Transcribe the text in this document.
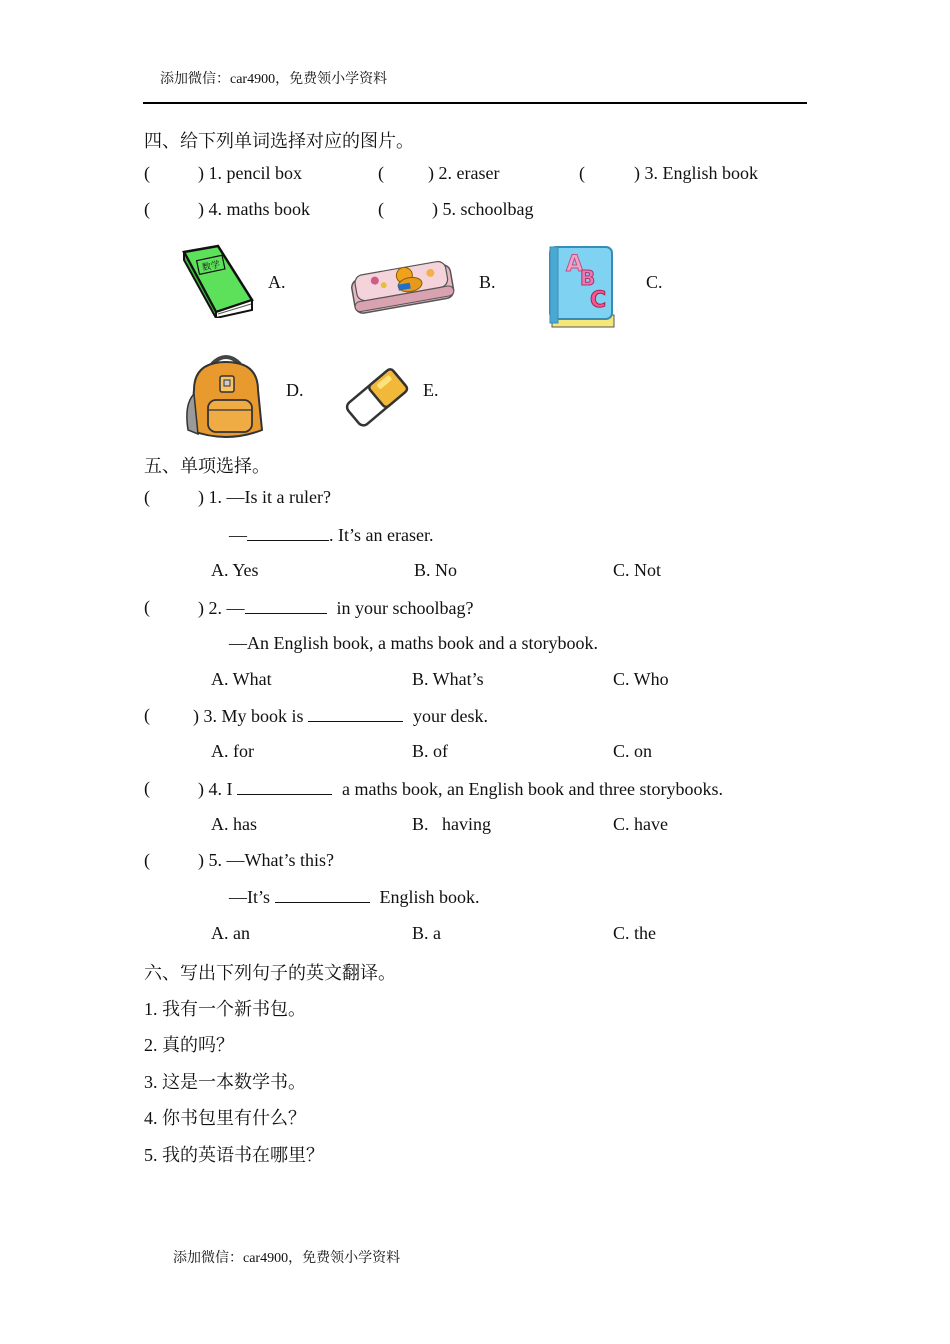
添加微信：car4900，免费领小学资料
四、给下列单词选择对应的图片。
(	) 1. pencil box	( ) 2. eraser	(	) 3. English book
(	) 4. maths book	(	) 5. schoolbag
数学
A.	B.
A
B
C
C.
D.	E.
五、单项选择。
(	) 1. —Is it a ruler?
—	. It’s an eraser.
A. Yes	B. No	C. Not
(	) 2. —	in your schoolbag?
—An English book, a maths book and a storybook.
A. What	B. What’s	C. Who
( ) 3. My book is	your desk.
A. for	B. of	C. on
(	) 4. I	a maths book, an English book and three storybooks.
A. has	B.   having	C. have
(	) 5. —What’s this?
—It’s	English book.
A. an	B. a	C. the
六、写出下列句子的英文翻译。
1. 我有一个新书包。
2. 真的吗？
3. 这是一本数学书。
4. 你书包里有什么？
5. 我的英语书在哪里？
添加微信：car4900，免费领小学资料
